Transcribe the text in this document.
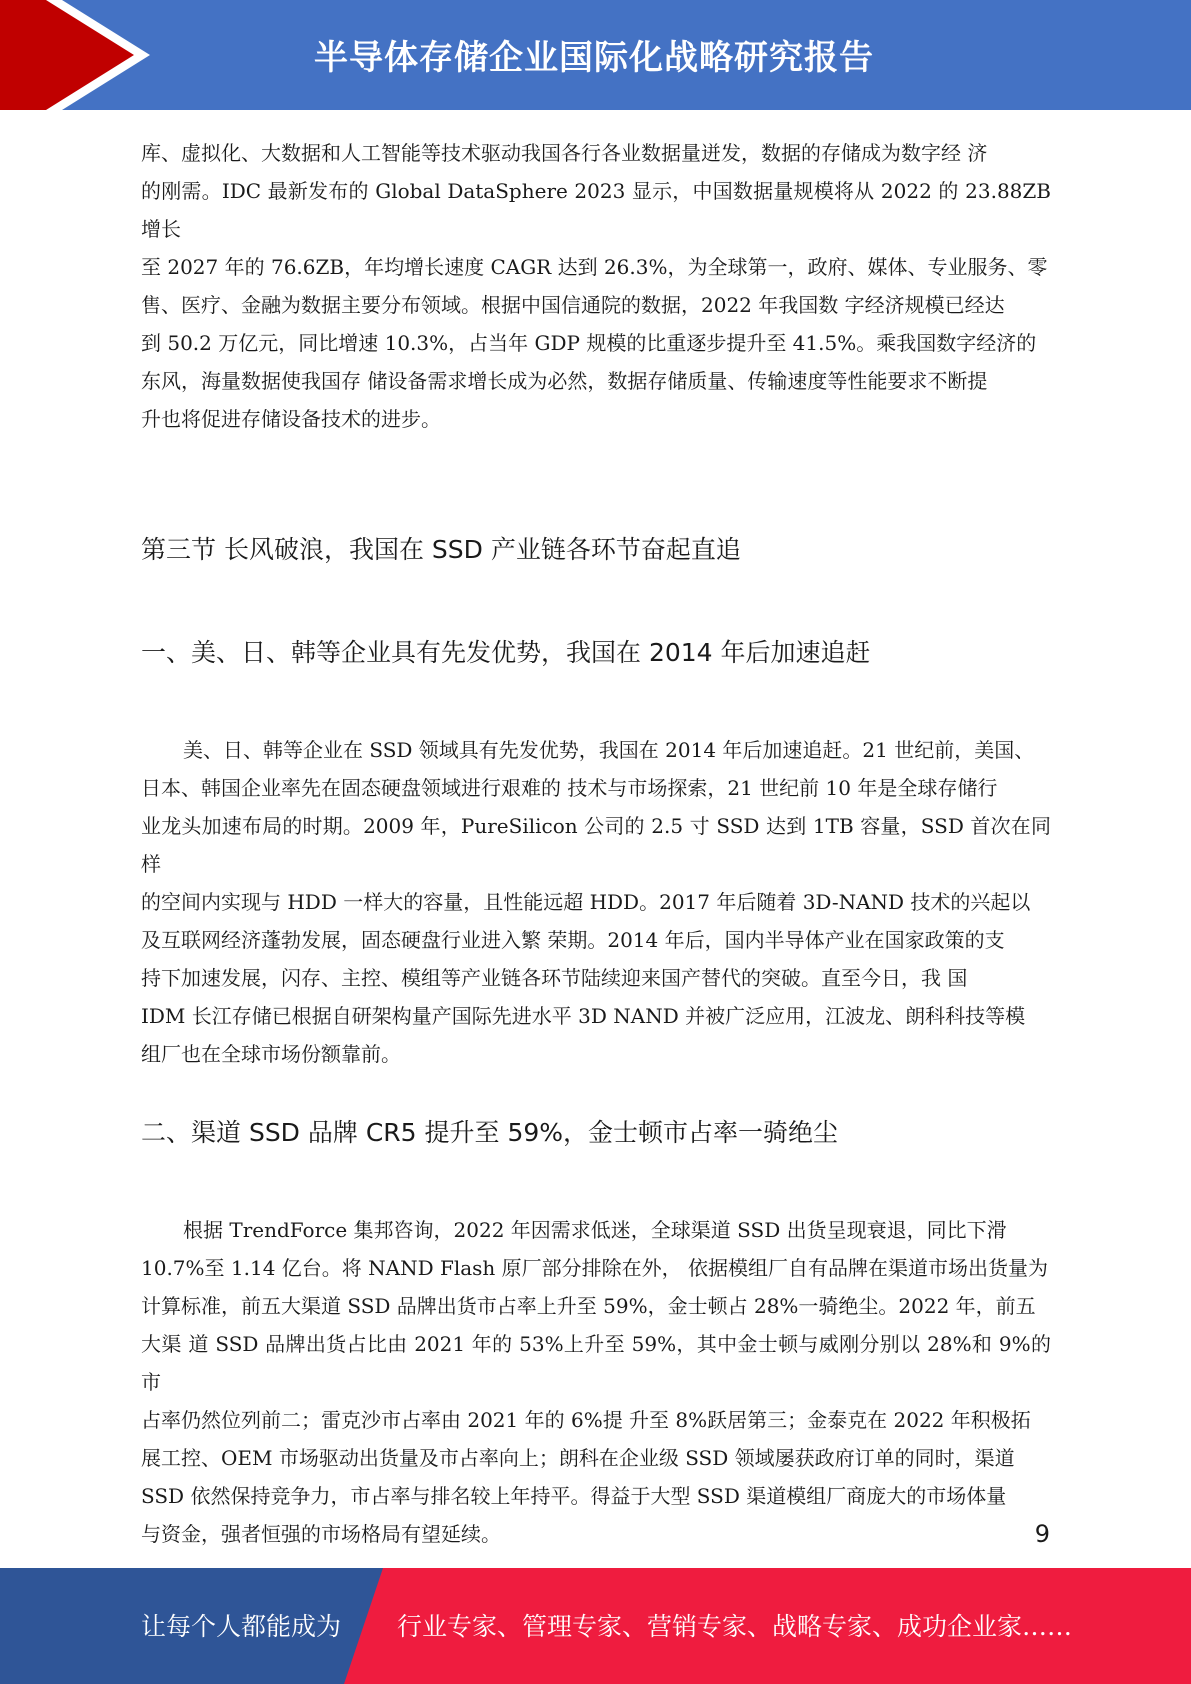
半导体存储企业国际化战略研究报告

库、虚拟化、大数据和人工智能等技术驱动我国各行各业数据量迸发，数据的存储成为数字经 济

的刚需。IDC 最新发布的 Global DataSphere 2023 显示，中国数据量规模将从 2022 的 23.88ZB 增长

至 2027 年的 76.6ZB，年均增长速度 CAGR 达到 26.3%，为全球第一，政府、媒体、专业服务、零

售、医疗、金融为数据主要分布领域。根据中国信通院的数据，2022 年我国数 字经济规模已经达

到 50.2 万亿元，同比增速 10.3%，占当年 GDP 规模的比重逐步提升至 41.5%。乘我国数字经济的

东风，海量数据使我国存 储设备需求增长成为必然，数据存储质量、传输速度等性能要求不断提

升也将促进存储设备技术的进步。

第三节 长风破浪，我国在 SSD 产业链各环节奋起直追
一、美、日、韩等企业具有先发优势，我国在 2014 年后加速追赶

美、日、韩等企业在 SSD 领域具有先发优势，我国在 2014 年后加速追赶。21 世纪前，美国、

日本、韩国企业率先在固态硬盘领域进行艰难的 技术与市场探索，21 世纪前 10 年是全球存储行

业龙头加速布局的时期。2009 年，PureSilicon 公司的 2.5 寸 SSD 达到 1TB 容量，SSD 首次在同样

的空间内实现与 HDD 一样大的容量，且性能远超 HDD。2017 年后随着 3D-NAND 技术的兴起以

及互联网经济蓬勃发展，固态硬盘行业进入繁 荣期。2014 年后，国内半导体产业在国家政策的支

持下加速发展，闪存、主控、模组等产业链各环节陆续迎来国产替代的突破。直至今日，我 国

IDM 长江存储已根据自研架构量产国际先进水平 3D NAND 并被广泛应用，江波龙、朗科科技等模

组厂也在全球市场份额靠前。

二、渠道 SSD 品牌 CR5 提升至 59%，金士顿市占率一骑绝尘

根据 TrendForce 集邦咨询，2022 年因需求低迷，全球渠道 SSD 出货呈现衰退，同比下滑

10.7%至 1.14 亿台。将 NAND Flash 原厂部分排除在外， 依据模组厂自有品牌在渠道市场出货量为

计算标准，前五大渠道 SSD 品牌出货市占率上升至 59%，金士顿占 28%一骑绝尘。2022 年，前五

大渠 道 SSD 品牌出货占比由 2021 年的 53%上升至 59%，其中金士顿与威刚分别以 28%和 9%的市

占率仍然位列前二；雷克沙市占率由 2021 年的 6%提 升至 8%跃居第三；金泰克在 2022 年积极拓

展工控、OEM 市场驱动出货量及市占率向上；朗科在企业级 SSD 领域屡获政府订单的同时，渠道

SSD 依然保持竞争力，市占率与排名较上年持平。得益于大型 SSD 渠道模组厂商庞大的市场体量

与资金，强者恒强的市场格局有望延续。	9
让每个人都能成为 行业专家、管理专家、营销专家、战略专家、成功企业家……
